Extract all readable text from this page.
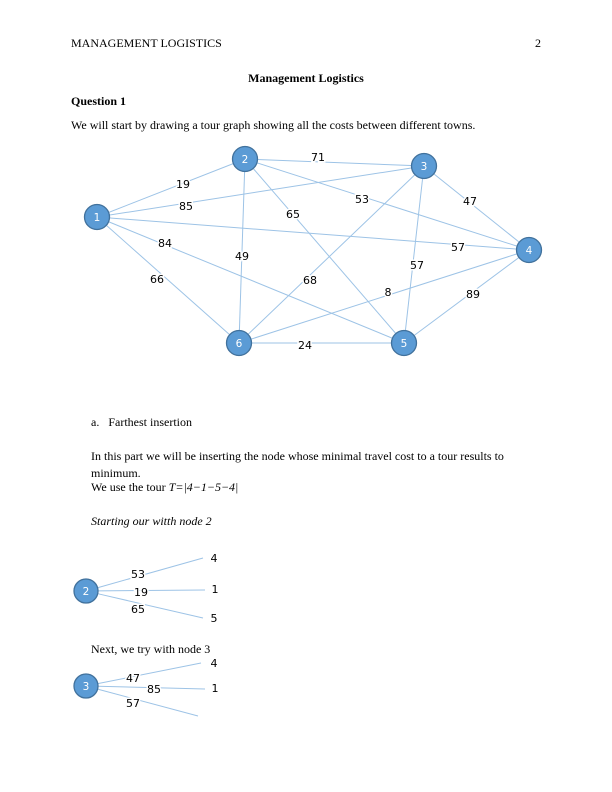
MANAGEMENT LOGISTICS	2
Management Logistics
Question 1
We will start by drawing a tour graph showing all the costs between different towns.
1
2
3
4
5
6
19
85
57
84
66
71
53
65
49
47
57
68
89
8
24
a. Farthest insertion
In this part we will be inserting the node whose minimal travel cost to a tour results to minimum.
We use the tour T=|4−1−5−4|
Starting our witth node 2
2
53
4
19	1
65
5
Next, we try with node 3
3
47
4
85	1
57
